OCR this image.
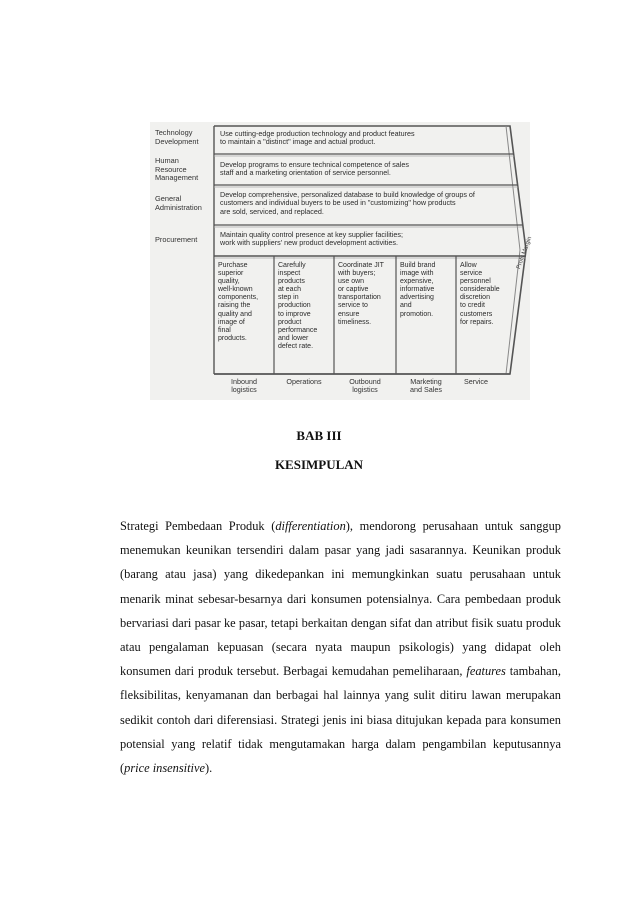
Technology
Development

Human
Resource
Management

General
Administration

Procurement

Use cutting-edge production technology and product features
to maintain a "distinct" image and actual product.

Develop programs to ensure technical competence of sales
staff and a marketing orientation of service personnel.

Develop comprehensive, personalized database to build knowledge of groups of
customers and individual buyers to be used in "customizing" how products
are sold, serviced, and replaced.

Maintain quality control presence at key supplier facilities;
work with suppliers' new product development activities.

Purchase
superior
quality,
well-known
components,
raising the
quality and
image of
final
products.

Carefully
inspect
products
at each
step in
production
to improve
product
performance
and lower
defect rate.

Coordinate JIT
with buyers;
use own
or captive
transportation
service to
ensure
timeliness.

Build brand
image with
expensive,
informative
advertising
and
promotion.

Allow
service
personnel
considerable
discretion
to credit
customers
for repairs.

Profit Margin

Inbound
logistics

Operations	Outbound
logistics

Marketing
and Sales

Service

BAB III

KESIMPULAN

Strategi Pembedaan Produk (differentiation), mendorong perusahaan untuk sanggup menemukan keunikan tersendiri dalam pasar yang jadi sasarannya. Keunikan produk (barang atau jasa) yang dikedepankan ini memungkinkan suatu perusahaan untuk menarik minat sebesar-besarnya dari konsumen potensialnya. Cara pembedaan produk bervariasi dari pasar ke pasar, tetapi berkaitan dengan sifat dan atribut fisik suatu produk atau pengalaman kepuasan (secara nyata maupun psikologis) yang didapat oleh konsumen dari produk tersebut. Berbagai kemudahan pemeliharaan, features tambahan, fleksibilitas, kenyamanan dan berbagai hal lainnya yang sulit ditiru lawan merupakan sedikit contoh dari diferensiasi. Strategi jenis ini biasa ditujukan kepada para konsumen potensial yang relatif tidak mengutamakan harga dalam pengambilan keputusannya (price insensitive).
